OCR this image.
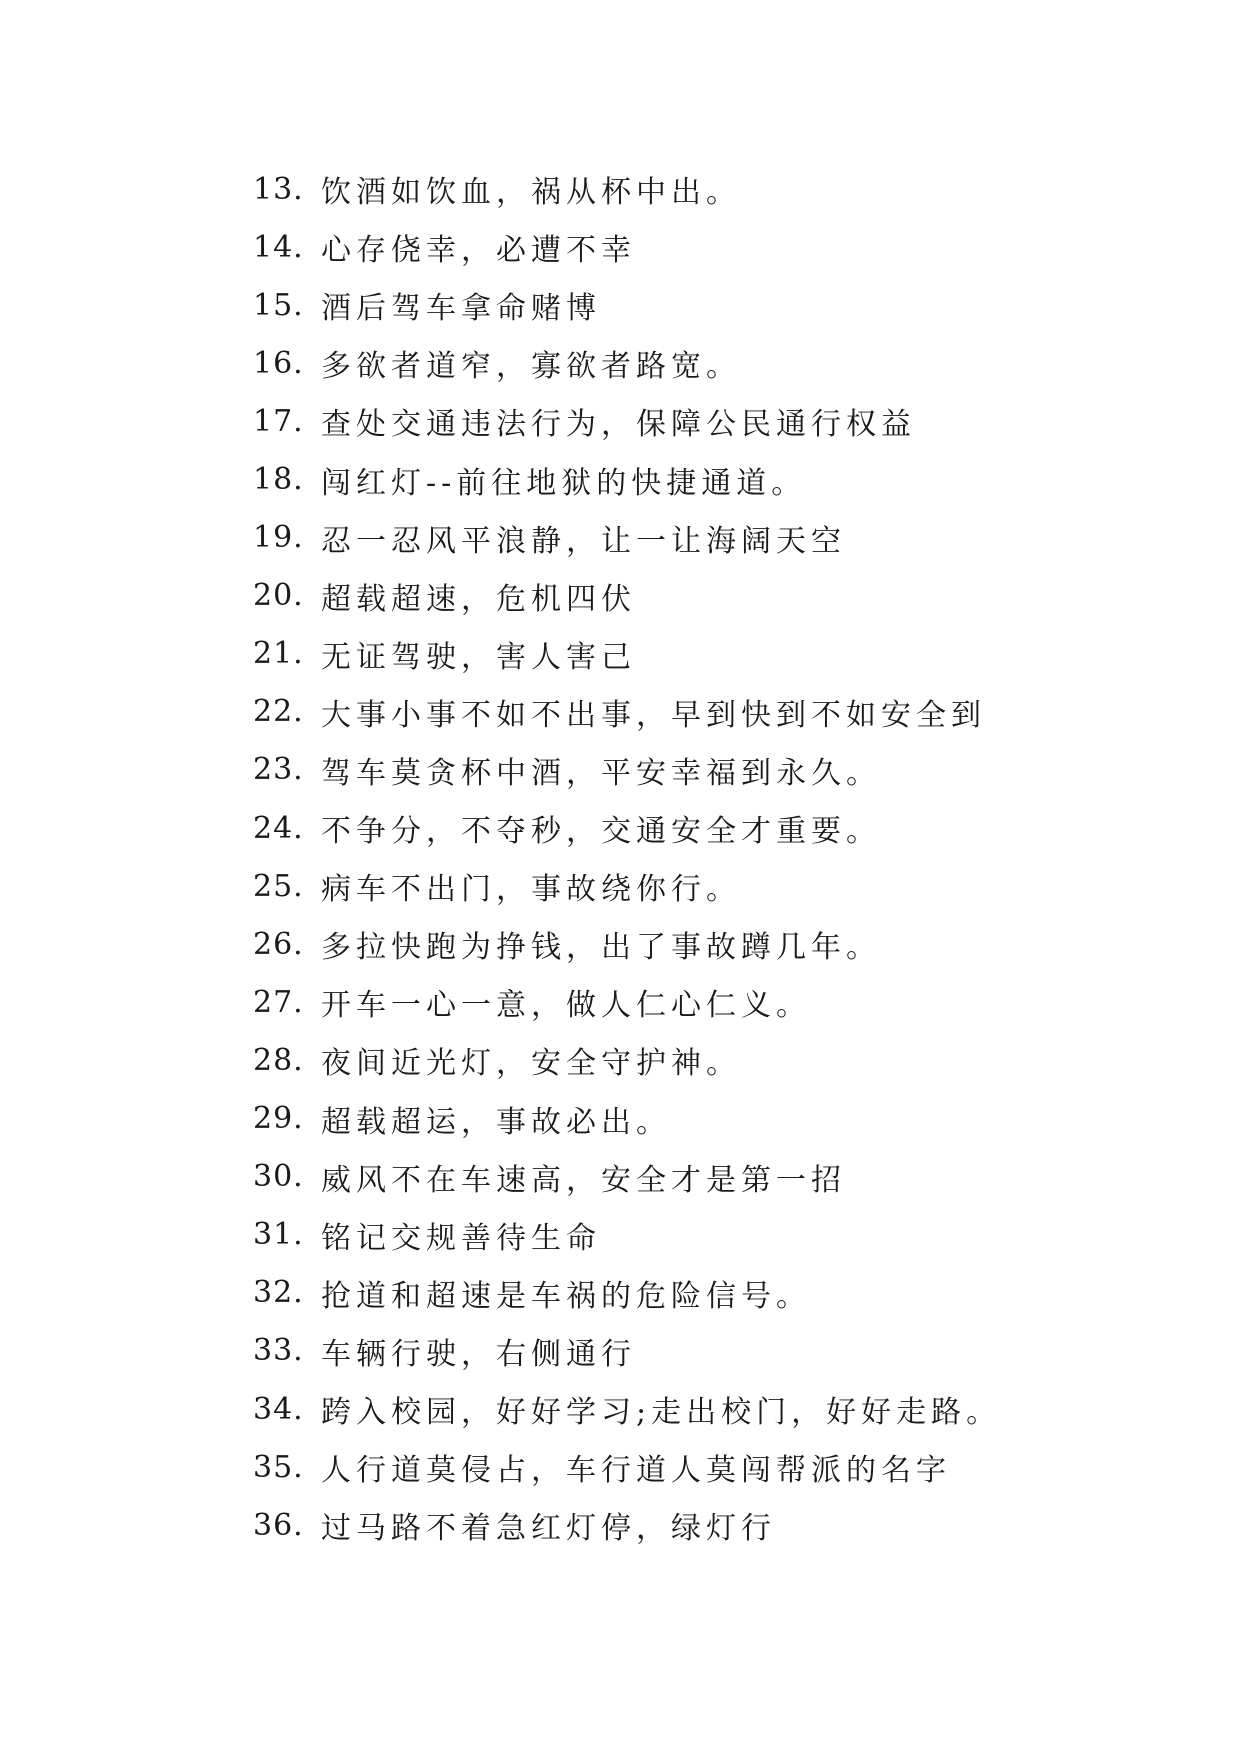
13. 饮酒如饮血，祸从杯中出。
14. 心存侥幸，必遭不幸
15. 酒后驾车拿命赌博
16. 多欲者道窄，寡欲者路宽。
17. 查处交通违法行为，保障公民通行权益
18. 闯红灯--前往地狱的快捷通道。
19. 忍一忍风平浪静，让一让海阔天空
20. 超载超速，危机四伏
21. 无证驾驶，害人害己
22. 大事小事不如不出事，早到快到不如安全到
23. 驾车莫贪杯中酒，平安幸福到永久。
24. 不争分，不夺秒，交通安全才重要。
25. 病车不出门，事故绕你行。
26. 多拉快跑为挣钱，出了事故蹲几年。
27. 开车一心一意，做人仁心仁义。
28. 夜间近光灯，安全守护神。
29. 超载超运，事故必出。
30. 威风不在车速高，安全才是第一招
31. 铭记交规善待生命
32. 抢道和超速是车祸的危险信号。
33. 车辆行驶，右侧通行
34. 跨入校园，好好学习;走出校门，好好走路。
35. 人行道莫侵占，车行道人莫闯帮派的名字
36. 过马路不着急红灯停，绿灯行
